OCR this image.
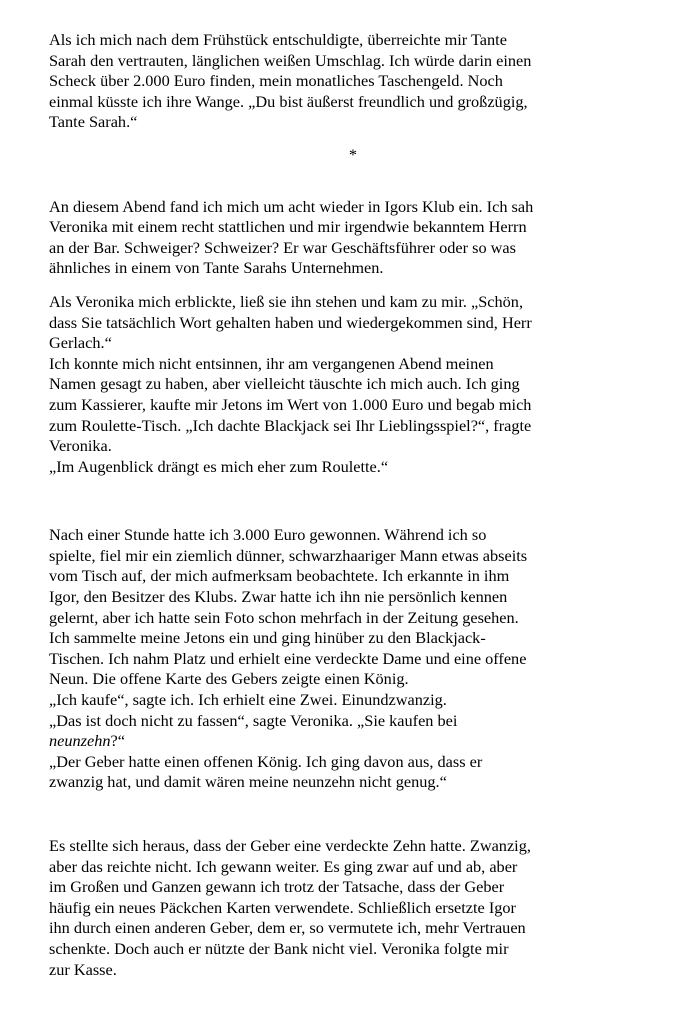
Als ich mich nach dem Frühstück entschuldigte, überreichte mir Tante
Sarah den vertrauten, länglichen weißen Umschlag. Ich würde darin einen
Scheck über 2.000 Euro finden, mein monatliches Taschengeld. Noch
einmal küsste ich ihre Wange. „Du bist äußerst freundlich und großzügig,
Tante Sarah.“
*
An diesem Abend fand ich mich um acht wieder in Igors Klub ein. Ich sah
Veronika mit einem recht stattlichen und mir irgendwie bekanntem Herrn
an der Bar. Schweiger? Schweizer? Er war Geschäftsführer oder so was
ähnliches in einem von Tante Sarahs Unternehmen.
Als Veronika mich erblickte, ließ sie ihn stehen und kam zu mir. „Schön,
dass Sie tatsächlich Wort gehalten haben und wiedergekommen sind, Herr
Gerlach.“
Ich konnte mich nicht entsinnen, ihr am vergangenen Abend meinen
Namen gesagt zu haben, aber vielleicht täuschte ich mich auch. Ich ging
zum Kassierer, kaufte mir Jetons im Wert von 1.000 Euro und begab mich
zum Roulette-Tisch. „Ich dachte Blackjack sei Ihr Lieblingsspiel?“, fragte
Veronika.
„Im Augenblick drängt es mich eher zum Roulette.“
Nach einer Stunde hatte ich 3.000 Euro gewonnen. Während ich so
spielte, fiel mir ein ziemlich dünner, schwarzhaariger Mann etwas abseits
vom Tisch auf, der mich aufmerksam beobachtete. Ich erkannte in ihm
Igor, den Besitzer des Klubs. Zwar hatte ich ihn nie persönlich kennen
gelernt, aber ich hatte sein Foto schon mehrfach in der Zeitung gesehen.
Ich sammelte meine Jetons ein und ging hinüber zu den Blackjack-
Tischen. Ich nahm Platz und erhielt eine verdeckte Dame und eine offene
Neun. Die offene Karte des Gebers zeigte einen König.
„Ich kaufe“, sagte ich. Ich erhielt eine Zwei. Einundzwanzig.
„Das ist doch nicht zu fassen“, sagte Veronika. „Sie kaufen bei
neunzehn?“
„Der Geber hatte einen offenen König. Ich ging davon aus, dass er
zwanzig hat, und damit wären meine neunzehn nicht genug.“
Es stellte sich heraus, dass der Geber eine verdeckte Zehn hatte. Zwanzig,
aber das reichte nicht. Ich gewann weiter. Es ging zwar auf und ab, aber
im Großen und Ganzen gewann ich trotz der Tatsache, dass der Geber
häufig ein neues Päckchen Karten verwendete. Schließlich ersetzte Igor
ihn durch einen anderen Geber, dem er, so vermutete ich, mehr Vertrauen
schenkte. Doch auch er nützte der Bank nicht viel. Veronika folgte mir
zur Kasse.
